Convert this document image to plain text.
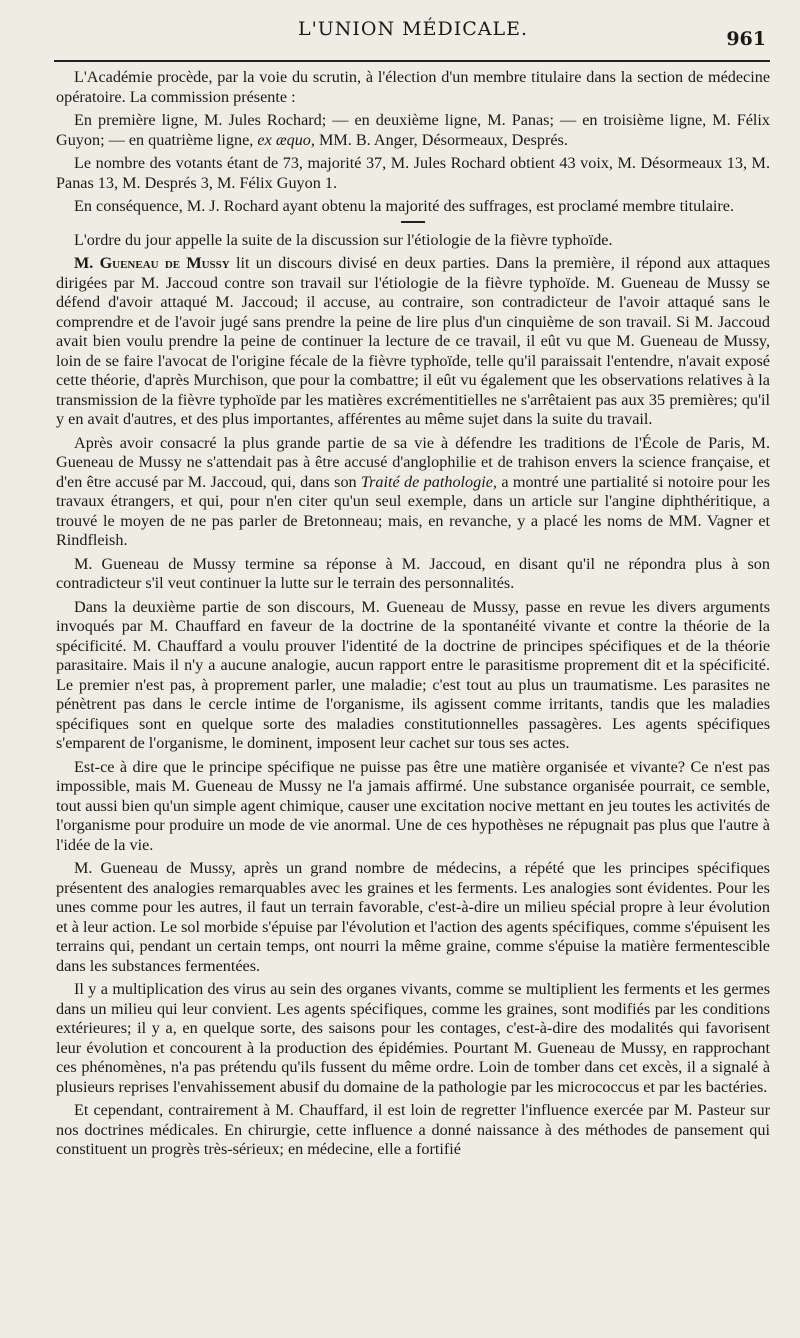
L'UNION MÉDICALE.	961

L'Académie procède, par la voie du scrutin, à l'élection d'un membre titulaire dans la section de médecine opératoire. La commission présente :

En première ligne, M. Jules Rochard; — en deuxième ligne, M. Panas; — en troisième ligne, M. Félix Guyon; — en quatrième ligne, ex æquo, MM. B. Anger, Désormeaux, Després.

Le nombre des votants étant de 73, majorité 37, M. Jules Rochard obtient 43 voix, M. Désormeaux 13, M. Panas 13, M. Després 3, M. Félix Guyon 1.

En conséquence, M. J. Rochard ayant obtenu la majorité des suffrages, est proclamé membre titulaire.

L'ordre du jour appelle la suite de la discussion sur l'étiologie de la fièvre typhoïde.

M. Gueneau de Mussy lit un discours divisé en deux parties. Dans la première, il répond aux attaques dirigées par M. Jaccoud contre son travail sur l'étiologie de la fièvre typhoïde. M. Gueneau de Mussy se défend d'avoir attaqué M. Jaccoud; il accuse, au contraire, son contradicteur de l'avoir attaqué sans le comprendre et de l'avoir jugé sans prendre la peine de lire plus d'un cinquième de son travail. Si M. Jaccoud avait bien voulu prendre la peine de continuer la lecture de ce travail, il eût vu que M. Gueneau de Mussy, loin de se faire l'avocat de l'origine fécale de la fièvre typhoïde, telle qu'il paraissait l'entendre, n'avait exposé cette théorie, d'après Murchison, que pour la combattre; il eût vu également que les observations relatives à la transmission de la fièvre typhoïde par les matières excrémentitielles ne s'arrêtaient pas aux 35 premières; qu'il y en avait d'autres, et des plus importantes, afférentes au même sujet dans la suite du travail.

Après avoir consacré la plus grande partie de sa vie à défendre les traditions de l'École de Paris, M. Gueneau de Mussy ne s'attendait pas à être accusé d'anglophilie et de trahison envers la science française, et d'en être accusé par M. Jaccoud, qui, dans son Traité de pathologie, a montré une partialité si notoire pour les travaux étrangers, et qui, pour n'en citer qu'un seul exemple, dans un article sur l'angine diphthéritique, a trouvé le moyen de ne pas parler de Bretonneau; mais, en revanche, y a placé les noms de MM. Vagner et Rindfleish.

M. Gueneau de Mussy termine sa réponse à M. Jaccoud, en disant qu'il ne répondra plus à son contradicteur s'il veut continuer la lutte sur le terrain des personnalités.

Dans la deuxième partie de son discours, M. Gueneau de Mussy, passe en revue les divers arguments invoqués par M. Chauffard en faveur de la doctrine de la spontanéité vivante et contre la théorie de la spécificité. M. Chauffard a voulu prouver l'identité de la doctrine de principes spécifiques et de la théorie parasitaire. Mais il n'y a aucune analogie, aucun rapport entre le parasitisme proprement dit et la spécificité. Le premier n'est pas, à proprement parler, une maladie; c'est tout au plus un traumatisme. Les parasites ne pénètrent pas dans le cercle intime de l'organisme, ils agissent comme irritants, tandis que les maladies spécifiques sont en quelque sorte des maladies constitutionnelles passagères. Les agents spécifiques s'emparent de l'organisme, le dominent, imposent leur cachet sur tous ses actes.

Est-ce à dire que le principe spécifique ne puisse pas être une matière organisée et vivante? Ce n'est pas impossible, mais M. Gueneau de Mussy ne l'a jamais affirmé. Une substance organisée pourrait, ce semble, tout aussi bien qu'un simple agent chimique, causer une excitation nocive mettant en jeu toutes les activités de l'organisme pour produire un mode de vie anormal. Une de ces hypothèses ne répugnait pas plus que l'autre à l'idée de la vie.

M. Gueneau de Mussy, après un grand nombre de médecins, a répété que les principes spécifiques présentent des analogies remarquables avec les graines et les ferments. Les analogies sont évidentes. Pour les unes comme pour les autres, il faut un terrain favorable, c'est-à-dire un milieu spécial propre à leur évolution et à leur action. Le sol morbide s'épuise par l'évolution et l'action des agents spécifiques, comme s'épuisent les terrains qui, pendant un certain temps, ont nourri la même graine, comme s'épuise la matière fermentescible dans les substances fermentées.

Il y a multiplication des virus au sein des organes vivants, comme se multiplient les ferments et les germes dans un milieu qui leur convient. Les agents spécifiques, comme les graines, sont modifiés par les conditions extérieures; il y a, en quelque sorte, des saisons pour les contages, c'est-à-dire des modalités qui favorisent leur évolution et concourent à la production des épidémies. Pourtant M. Gueneau de Mussy, en rapprochant ces phénomènes, n'a pas prétendu qu'ils fussent du même ordre. Loin de tomber dans cet excès, il a signalé à plusieurs reprises l'envahissement abusif du domaine de la pathologie par les micrococcus et par les bactéries.

Et cependant, contrairement à M. Chauffard, il est loin de regretter l'influence exercée par M. Pasteur sur nos doctrines médicales. En chirurgie, cette influence a donné naissance à des méthodes de pansement qui constituent un progrès très-sérieux; en médecine, elle a fortifié
